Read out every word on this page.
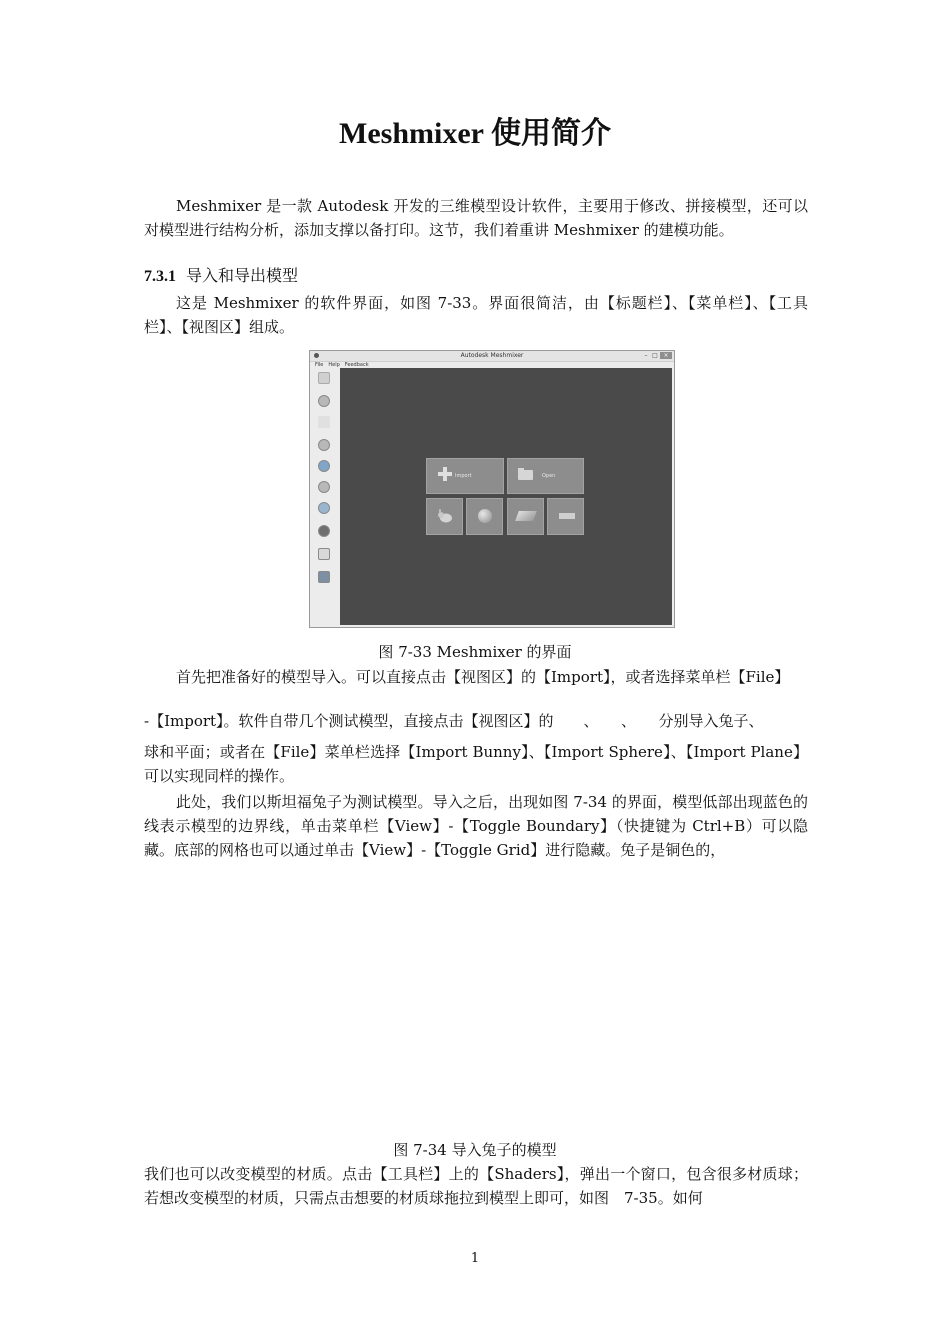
Meshmixer 使用简介

Meshmixer 是一款 Autodesk 开发的三维模型设计软件，主要用于修改、拼接模型，还可以对模型进行结构分析，添加支撑以备打印。这节，我们着重讲 Meshmixer 的建模功能。

7.3.1 导入和导出模型

这是 Meshmixer 的软件界面，如图 7-33。界面很简洁，由【标题栏】、【菜单栏】、【工具栏】、【视图区】组成。

Autodesk Meshmixer	– □ ×
File Help Feedback
Import	Open
图 7-33 Meshmixer 的界面

首先把准备好的模型导入。可以直接点击【视图区】的【Import】，或者选择菜单栏【File】

-【Import】。软件自带几个测试模型，直接点击【视图区】的　　、　　、　　分别导入兔子、

球和平面；或者在【File】菜单栏选择【Import Bunny】、【Import Sphere】、【Import Plane】可以实现同样的操作。

此处，我们以斯坦福兔子为测试模型。导入之后，出现如图 7-34 的界面，模型低部出现蓝色的线表示模型的边界线，单击菜单栏【View】-【Toggle Boundary】（快捷键为 Ctrl+B）可以隐藏。底部的网格也可以通过单击【View】-【Toggle Grid】进行隐藏。兔子是铜色的，

图 7-34 导入兔子的模型

我们也可以改变模型的材质。点击【工具栏】上的【Shaders】，弹出一个窗口，包含很多材质球；若想改变模型的材质，只需点击想要的材质球拖拉到模型上即可，如图　7-35。如何

1
